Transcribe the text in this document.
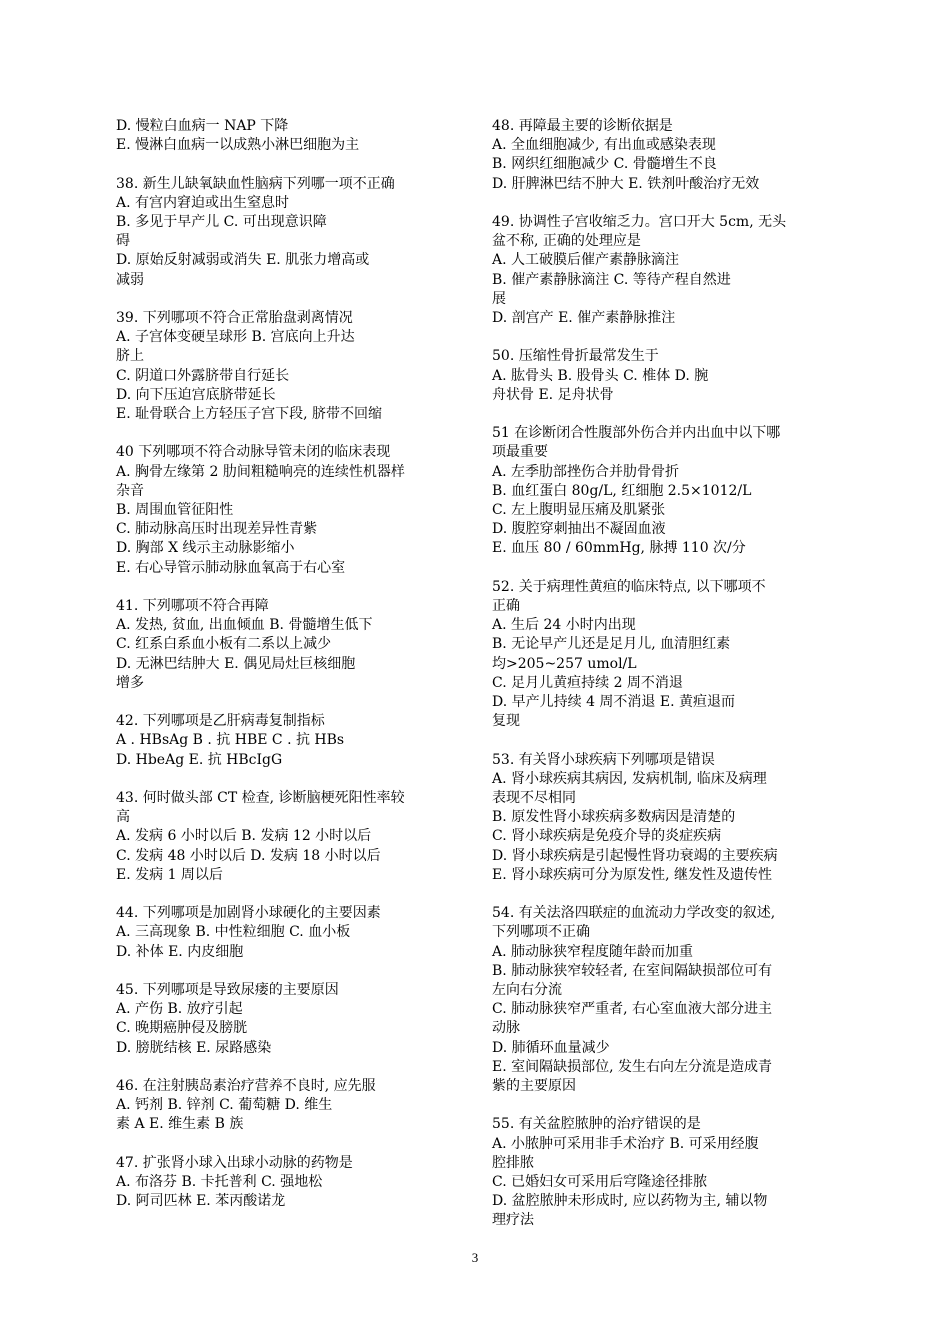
D. 慢粒白血病一 NAP 下降
E. 慢淋白血病一以成熟小淋巴细胞为主
38. 新生儿缺氧缺血性脑病下列哪一项不正确
A. 有宫内窘迫或出生窒息时
B. 多见于早产儿 C. 可出现意识障
碍
D. 原始反射减弱或消失 E. 肌张力增高或
减弱
39. 下列哪项不符合正常胎盘剥离情况
A. 子宫体变硬呈球形 B. 宫底向上升达
脐上
C. 阴道口外露脐带自行延长
D. 向下压迫宫底脐带延长
E. 耻骨联合上方轻压子宫下段, 脐带不回缩
40 下列哪项不符合动脉导管未闭的临床表现
A. 胸骨左缘第 2 肋间粗糙响亮的连续性机器样
杂音
B. 周围血管征阳性
C. 肺动脉高压时出现差异性青紫
D. 胸部 X 线示主动脉影缩小
E. 右心导管示肺动脉血氧高于右心室
41. 下列哪项不符合再障
A. 发热, 贫血, 出血倾血 B. 骨髓增生低下
C. 红系白系血小板有二系以上减少
D. 无淋巴结肿大 E. 偶见局灶巨核细胞
增多
42. 下列哪项是乙肝病毒复制指标
A . HBsAg B . 抗 HBE C . 抗 HBs
D. HbeAg E. 抗 HBcIgG
43. 何时做头部 CT 检查, 诊断脑梗死阳性率较
高
A. 发病 6 小时以后 B. 发病 12 小时以后
C. 发病 48 小时以后 D. 发病 18 小时以后
E. 发病 1 周以后
44. 下列哪项是加剧肾小球硬化的主要因素
A. 三高现象 B. 中性粒细胞 C. 血小板
D. 补体 E. 内皮细胞
45. 下列哪项是导致尿瘘的主要原因
A. 产伤 B. 放疗引起
C. 晚期癌肿侵及膀胱
D. 膀胱结核 E. 尿路感染
46. 在注射胰岛素治疗营养不良时, 应先服
A. 钙剂 B. 锌剂 C. 葡萄糖 D. 维生
素 A E. 维生素 B 族
47. 扩张肾小球入出球小动脉的药物是
A. 布洛芬 B. 卡托普利 C. 强地松
D. 阿司匹林 E. 苯丙酸诺龙
48. 再障最主要的诊断依据是
A. 全血细胞减少, 有出血或感染表现
B. 网织红细胞减少 C. 骨髓增生不良
D. 肝脾淋巴结不肿大 E. 铁剂叶酸治疗无效
49. 协调性子宫收缩乏力。宫口开大 5cm, 无头
盆不称, 正确的处理应是
A. 人工破膜后催产素静脉滴注
B. 催产素静脉滴注 C. 等待产程自然进
展
D. 剖宫产 E. 催产素静脉推注
50. 压缩性骨折最常发生于
A. 肱骨头 B. 股骨头 C. 椎体 D. 腕
舟状骨 E. 足舟状骨
51 在诊断闭合性腹部外伤合并内出血中以下哪
项最重要
A. 左季肋部挫伤合并肋骨骨折
B. 血红蛋白 80g/L, 红细胞 2.5×1012/L
C. 左上腹明显压痛及肌紧张
D. 腹腔穿刺抽出不凝固血液
E. 血压 80 / 60mmHg, 脉搏 110 次/分
52. 关于病理性黄疸的临床特点, 以下哪项不
正确
A. 生后 24 小时内出现
B. 无论早产儿还是足月儿, 血清胆红素
均>205~257 umol/L
C. 足月儿黄疸持续 2 周不消退
D. 早产儿持续 4 周不消退 E. 黄疸退而
复现
53. 有关肾小球疾病下列哪项是错误
A. 肾小球疾病其病因, 发病机制, 临床及病理
表现不尽相同
B. 原发性肾小球疾病多数病因是清楚的
C. 肾小球疾病是免疫介导的炎症疾病
D. 肾小球疾病是引起慢性肾功衰竭的主要疾病
E. 肾小球疾病可分为原发性, 继发性及遗传性
54. 有关法洛四联症的血流动力学改变的叙述,
下列哪项不正确
A. 肺动脉狭窄程度随年龄而加重
B. 肺动脉狭窄较轻者, 在室间隔缺损部位可有
左向右分流
C. 肺动脉狭窄严重者, 右心室血液大部分进主
动脉
D. 肺循环血量减少
E. 室间隔缺损部位, 发生右向左分流是造成青
紫的主要原因
55. 有关盆腔脓肿的治疗错误的是
A. 小脓肿可采用非手术治疗 B. 可采用经腹
腔排脓
C. 已婚妇女可采用后穹隆途径排脓
D. 盆腔脓肿未形成时, 应以药物为主, 辅以物
理疗法
3
